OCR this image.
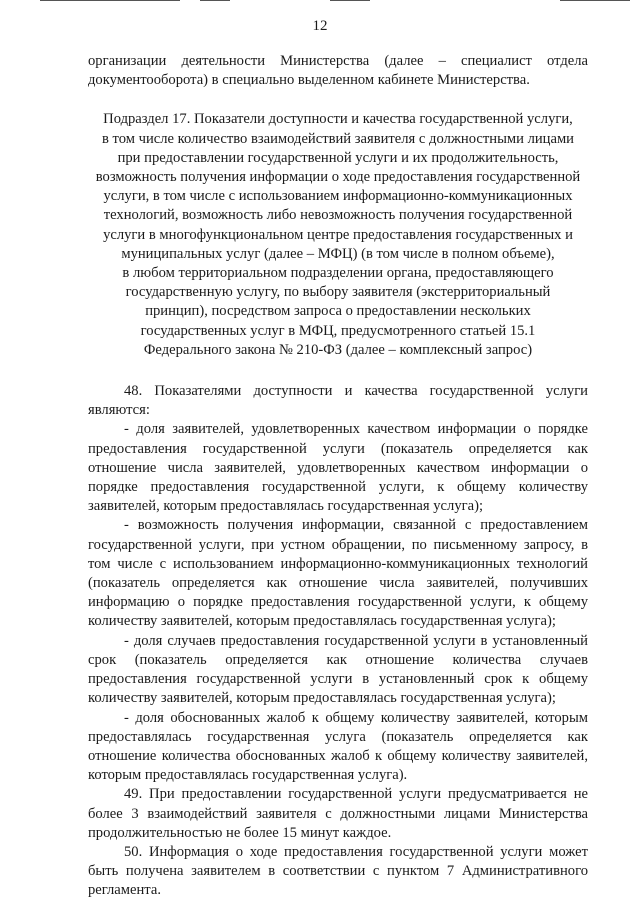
12

организации деятельности Министерства (далее – специалист отдела документооборота) в специально выделенном кабинете Министерства.

Подраздел 17. Показатели доступности и качества государственной услуги,
в том числе количество взаимодействий заявителя с должностными лицами
при предоставлении государственной услуги и их продолжительность,
возможность получения информации о ходе предоставления государственной
услуги, в том числе с использованием информационно-коммуникационных
технологий, возможность либо невозможность получения государственной
услуги в многофункциональном центре предоставления государственных и
муниципальных услуг (далее – МФЦ) (в том числе в полном объеме),
в любом территориальном подразделении органа, предоставляющего
государственную услугу, по выбору заявителя (экстерриториальный
принцип), посредством запроса о предоставлении нескольких
государственных услуг в МФЦ, предусмотренного статьей 15.1
Федерального закона № 210-ФЗ (далее – комплексный запрос)

48. Показателями доступности и качества государственной услуги являются:

- доля заявителей, удовлетворенных качеством информации о порядке предоставления государственной услуги (показатель определяется как отношение числа заявителей, удовлетворенных качеством информации о порядке предоставления государственной услуги, к общему количеству заявителей, которым предоставлялась государственная услуга);

- возможность получения информации, связанной с предоставлением государственной услуги, при устном обращении, по письменному запросу, в том числе с использованием информационно-коммуникационных технологий (показатель определяется как отношение числа заявителей, получивших информацию о порядке предоставления государственной услуги, к общему количеству заявителей, которым предоставлялась государственная услуга);

- доля случаев предоставления государственной услуги в установленный срок (показатель определяется как отношение количества случаев предоставления государственной услуги в установленный срок к общему количеству заявителей, которым предоставлялась государственная услуга);

- доля обоснованных жалоб к общему количеству заявителей, которым предоставлялась государственная услуга (показатель определяется как отношение количества обоснованных жалоб к общему количеству заявителей, которым предоставлялась государственная услуга).

49. При предоставлении государственной услуги предусматривается не более 3 взаимодействий заявителя с должностными лицами Министерства продолжительностью не более 15 минут каждое.

50. Информация о ходе предоставления государственной услуги может быть получена заявителем в соответствии с пунктом 7 Административного регламента.
